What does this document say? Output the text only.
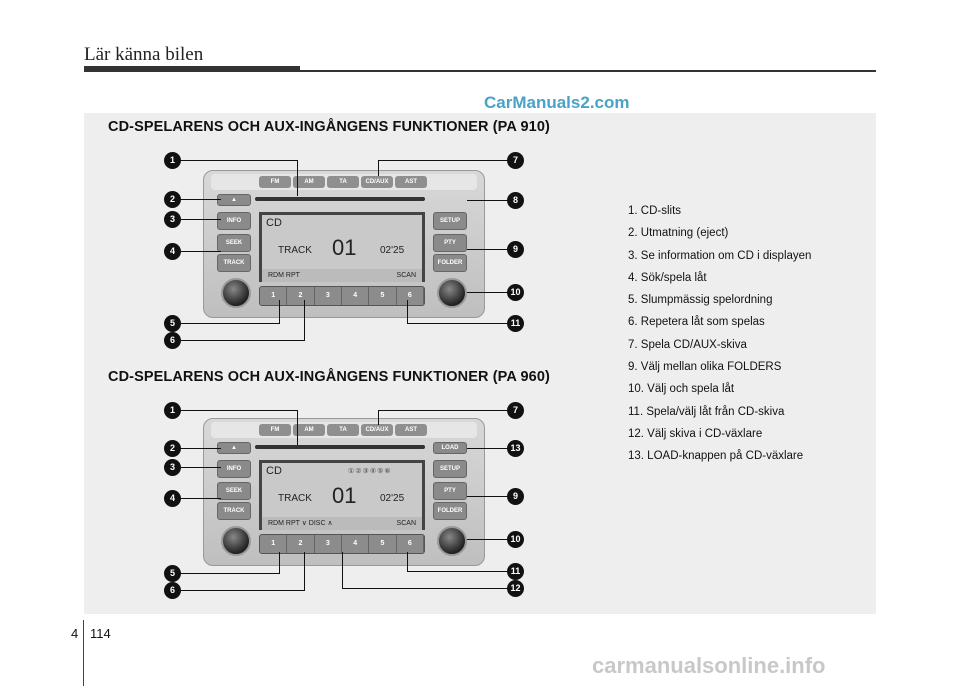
Lär känna bilen
CarManuals2.com
CD-SPELARENS OCH AUX-INGÅNGENS FUNKTIONER (PA 910)
CD-SPELARENS OCH AUX-INGÅNGENS FUNKTIONER (PA 960)
FM	AM	TA	CD/AUX	AST
▲
INFO
SEEK
TRACK
SETUP
PTY
FOLDER
CD
TRACK 01 02'25
RDM RPT	SCAN
1	2	3	4	5	6
FM	AM	TA	CD/AUX	AST
▲
INFO
SEEK
TRACK
LOAD
SETUP
PTY
FOLDER
CD	①②③④⑤⑥
TRACK 01 02'25
RDM RPT ∨ DISC ∧	SCAN
1	2	3	4	5	6
1
2
3
4
5
6
7
8
9
10
11
1
2
3
4
5
6
7
13
9
10
11
12
1. CD-slits
2. Utmatning (eject)
3. Se information om CD i displayen
4. Sök/spela låt
5. Slumpmässig spelordning
6. Repetera låt som spelas
7. Spela CD/AUX-skiva
9. Välj mellan olika FOLDERS
10. Välj och spela låt
11. Spela/välj låt från CD-skiva
12. Välj skiva i CD-växlare
13. LOAD-knappen på CD-växlare
4 114
carmanualsonline.info
